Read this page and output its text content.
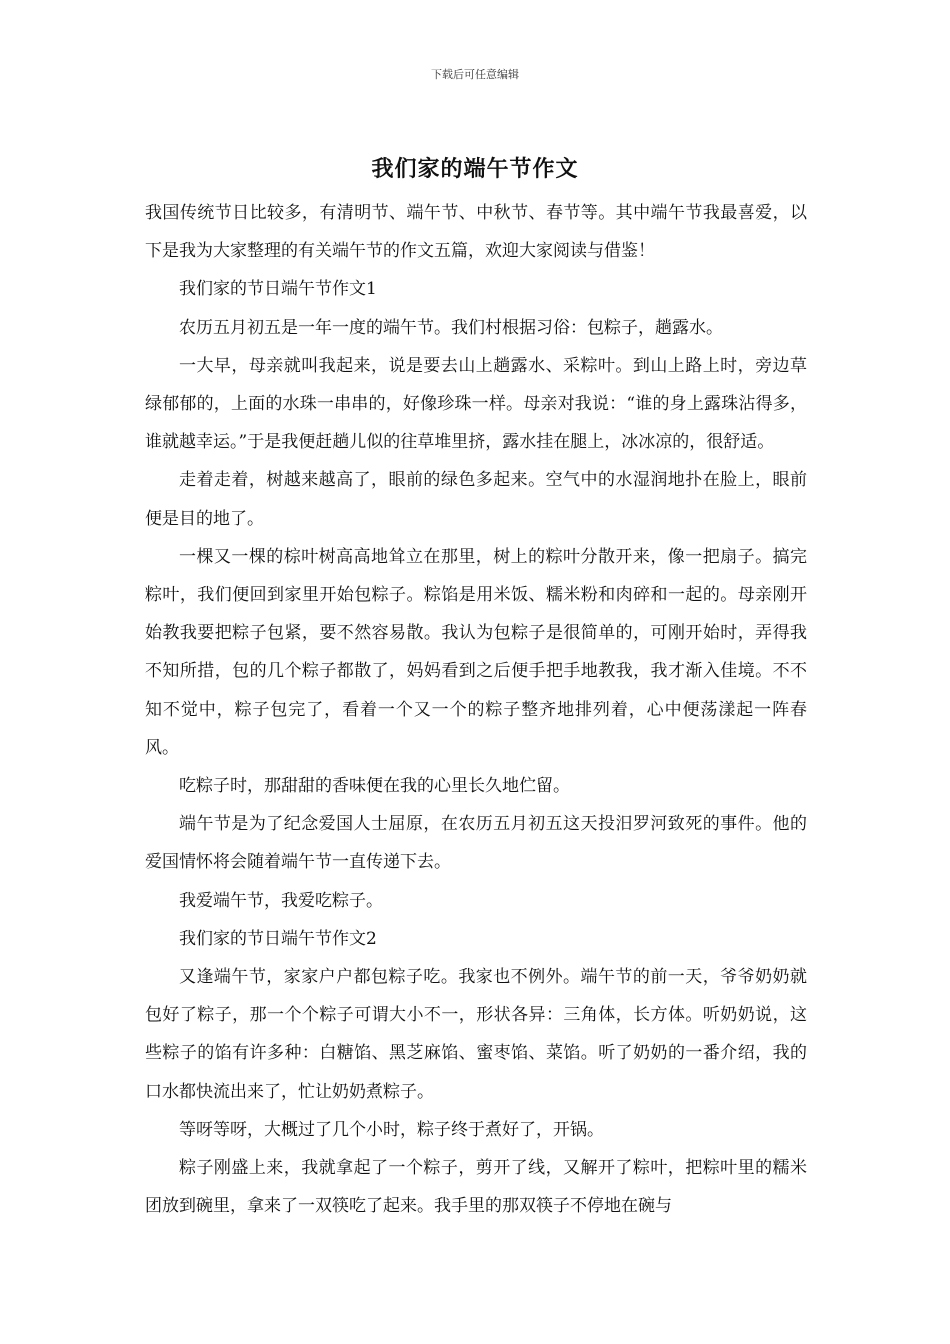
下载后可任意编辑
我们家的端午节作文

我国传统节日比较多，有清明节、端午节、中秋节、春节等。其中端午节我最喜爱，以下是我为大家整理的有关端午节的作文五篇，欢迎大家阅读与借鉴！

我们家的节日端午节作文1

农历五月初五是一年一度的端午节。我们村根据习俗：包粽子，趟露水。

一大早，母亲就叫我起来，说是要去山上趟露水、采粽叶。到山上路上时，旁边草绿郁郁的，上面的水珠一串串的，好像珍珠一样。母亲对我说：“谁的身上露珠沾得多，谁就越幸运。”于是我便赶趟儿似的往草堆里挤，露水挂在腿上，冰冰凉的，很舒适。

走着走着，树越来越高了，眼前的绿色多起来。空气中的水湿润地扑在脸上，眼前便是目的地了。

一棵又一棵的棕叶树高高地耸立在那里，树上的粽叶分散开来，像一把扇子。搞完粽叶，我们便回到家里开始包粽子。粽馅是用米饭、糯米粉和肉碎和一起的。母亲刚开始教我要把粽子包紧，要不然容易散。我认为包粽子是很简单的，可刚开始时，弄得我不知所措，包的几个粽子都散了，妈妈看到之后便手把手地教我，我才渐入佳境。不不知不觉中，粽子包完了，看着一个又一个的粽子整齐地排列着，心中便荡漾起一阵春风。

吃粽子时，那甜甜的香味便在我的心里长久地伫留。

端午节是为了纪念爱国人士屈原，在农历五月初五这天投汨罗河致死的事件。他的爱国情怀将会随着端午节一直传递下去。

我爱端午节，我爱吃粽子。

我们家的节日端午节作文2

又逢端午节，家家户户都包粽子吃。我家也不例外。端午节的前一天，爷爷奶奶就包好了粽子，那一个个粽子可谓大小不一，形状各异：三角体，长方体。听奶奶说，这些粽子的馅有许多种：白糖馅、黑芝麻馅、蜜枣馅、菜馅。听了奶奶的一番介绍，我的口水都快流出来了，忙让奶奶煮粽子。

等呀等呀，大概过了几个小时，粽子终于煮好了，开锅。

粽子刚盛上来，我就拿起了一个粽子，剪开了线，又解开了粽叶，把粽叶里的糯米团放到碗里，拿来了一双筷吃了起来。我手里的那双筷子不停地在碗与
